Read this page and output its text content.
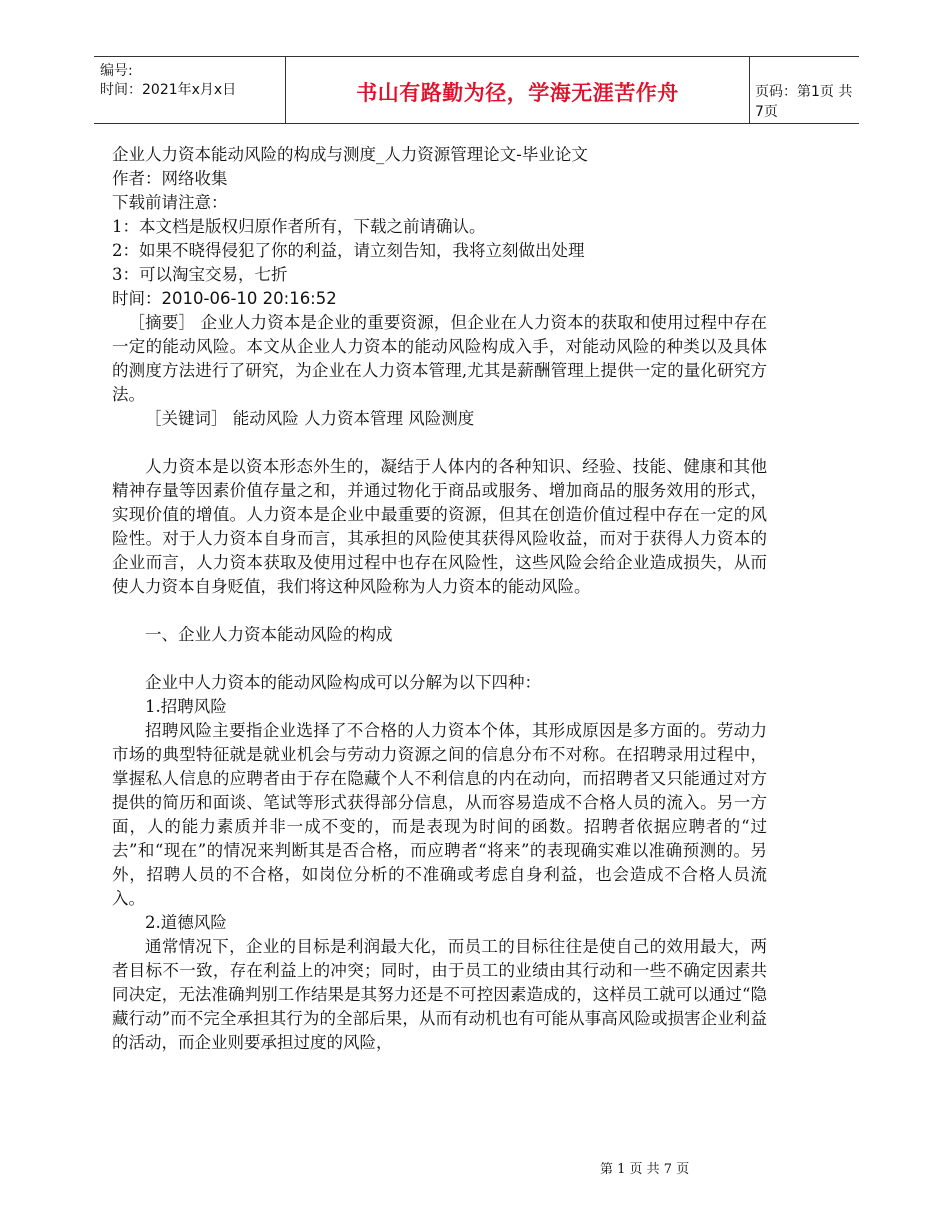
编号:
时间：2021年x月x日	书山有路勤为径，学海无涯苦作舟	页码：第1页 共7页
企业人力资本能动风险的构成与测度_人力资源管理论文-毕业论文
作者：网络收集
下载前请注意：
1：本文档是版权归原作者所有，下载之前请确认。
2：如果不晓得侵犯了你的利益，请立刻告知，我将立刻做出处理
3：可以淘宝交易，七折
时间：2010-06-10 20:16:52
［摘要］ 企业人力资本是企业的重要资源，但企业在人力资本的获取和使用过程中存在一定的能动风险。本文从企业人力资本的能动风险构成入手，对能动风险的种类以及具体的测度方法进行了研究，为企业在人力资本管理,尤其是薪酬管理上提供一定的量化研究方法。
［关键词］ 能动风险 人力资本管理 风险测度
人力资本是以资本形态外生的，凝结于人体内的各种知识、经验、技能、健康和其他精神存量等因素价值存量之和，并通过物化于商品或服务、增加商品的服务效用的形式，实现价值的增值。人力资本是企业中最重要的资源，但其在创造价值过程中存在一定的风险性。对于人力资本自身而言，其承担的风险使其获得风险收益，而对于获得人力资本的企业而言，人力资本获取及使用过程中也存在风险性，这些风险会给企业造成损失，从而使人力资本自身贬值，我们将这种风险称为人力资本的能动风险。
一、企业人力资本能动风险的构成
企业中人力资本的能动风险构成可以分解为以下四种：
1.招聘风险
招聘风险主要指企业选择了不合格的人力资本个体，其形成原因是多方面的。劳动力市场的典型特征就是就业机会与劳动力资源之间的信息分布不对称。在招聘录用过程中，掌握私人信息的应聘者由于存在隐藏个人不利信息的内在动向，而招聘者又只能通过对方提供的简历和面谈、笔试等形式获得部分信息，从而容易造成不合格人员的流入。另一方面，人的能力素质并非一成不变的，而是表现为时间的函数。招聘者依据应聘者的“过去”和“现在”的情况来判断其是否合格，而应聘者“将来”的表现确实难以准确预测的。另外，招聘人员的不合格，如岗位分析的不准确或考虑自身利益，也会造成不合格人员流入。
2.道德风险
通常情况下，企业的目标是利润最大化，而员工的目标往往是使自己的效用最大，两者目标不一致，存在利益上的冲突；同时，由于员工的业绩由其行动和一些不确定因素共同决定，无法准确判别工作结果是其努力还是不可控因素造成的，这样员工就可以通过“隐藏行动”而不完全承担其行为的全部后果，从而有动机也有可能从事高风险或损害企业利益的活动，而企业则要承担过度的风险，
第 1 页 共 7 页
